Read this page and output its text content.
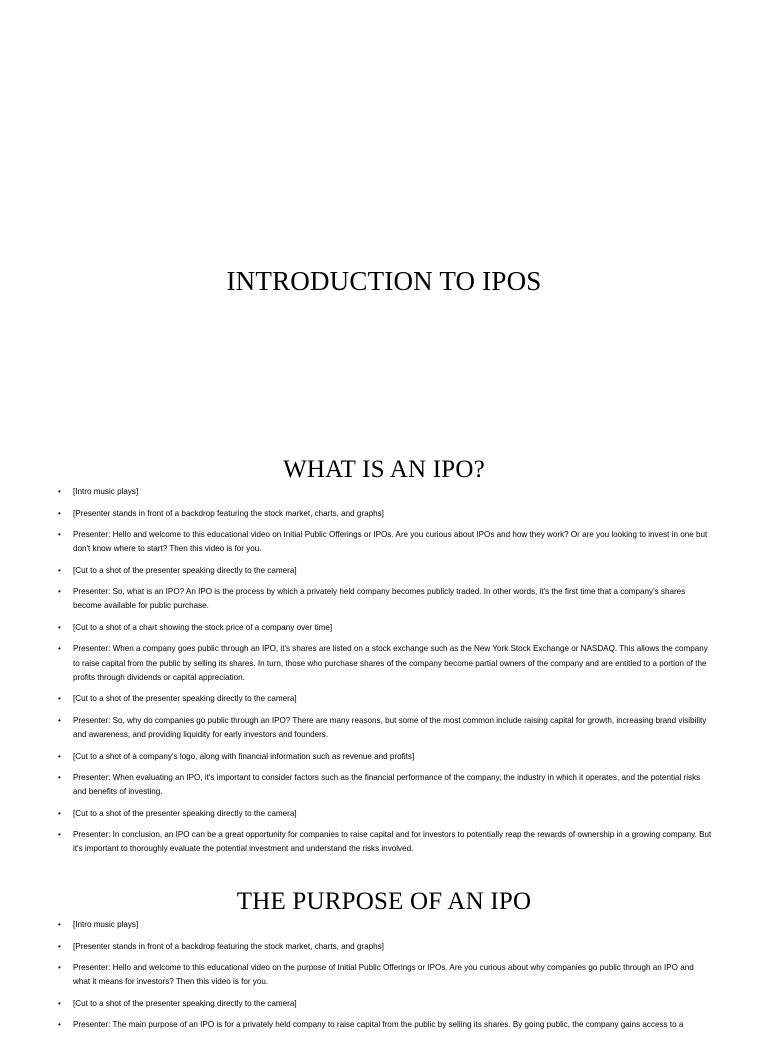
INTRODUCTION TO IPOS
WHAT IS AN IPO?
• [Intro music plays]
• [Presenter stands in front of a backdrop featuring the stock market, charts, and graphs]
• Presenter: Hello and welcome to this educational video on Initial Public Offerings or IPOs. Are you curious about IPOs and how they work? Or are you looking to invest in one but don't know where to start? Then this video is for you.
• [Cut to a shot of the presenter speaking directly to the camera]
• Presenter: So, what is an IPO? An IPO is the process by which a privately held company becomes publicly traded. In other words, it's the first time that a company's shares become available for public purchase.
• [Cut to a shot of a chart showing the stock price of a company over time]
• Presenter: When a company goes public through an IPO, it's shares are listed on a stock exchange such as the New York Stock Exchange or NASDAQ. This allows the company to raise capital from the public by selling its shares. In turn, those who purchase shares of the company become partial owners of the company and are entitled to a portion of the profits through dividends or capital appreciation.
• [Cut to a shot of the presenter speaking directly to the camera]
• Presenter: So, why do companies go public through an IPO? There are many reasons, but some of the most common include raising capital for growth, increasing brand visibility and awareness, and providing liquidity for early investors and founders.
• [Cut to a shot of a company's logo, along with financial information such as revenue and profits]
• Presenter: When evaluating an IPO, it's important to consider factors such as the financial performance of the company, the industry in which it operates, and the potential risks and benefits of investing.
• [Cut to a shot of the presenter speaking directly to the camera]
• Presenter: In conclusion, an IPO can be a great opportunity for companies to raise capital and for investors to potentially reap the rewards of ownership in a growing company. But it's important to thoroughly evaluate the potential investment and understand the risks involved.
THE PURPOSE OF AN IPO
• [Intro music plays]
• [Presenter stands in front of a backdrop featuring the stock market, charts, and graphs]
• Presenter: Hello and welcome to this educational video on the purpose of Initial Public Offerings or IPOs. Are you curious about why companies go public through an IPO and what it means for investors? Then this video is for you.
• [Cut to a shot of the presenter speaking directly to the camera]
• Presenter: The main purpose of an IPO is for a privately held company to raise capital from the public by selling its shares. By going public, the company gains access to a
